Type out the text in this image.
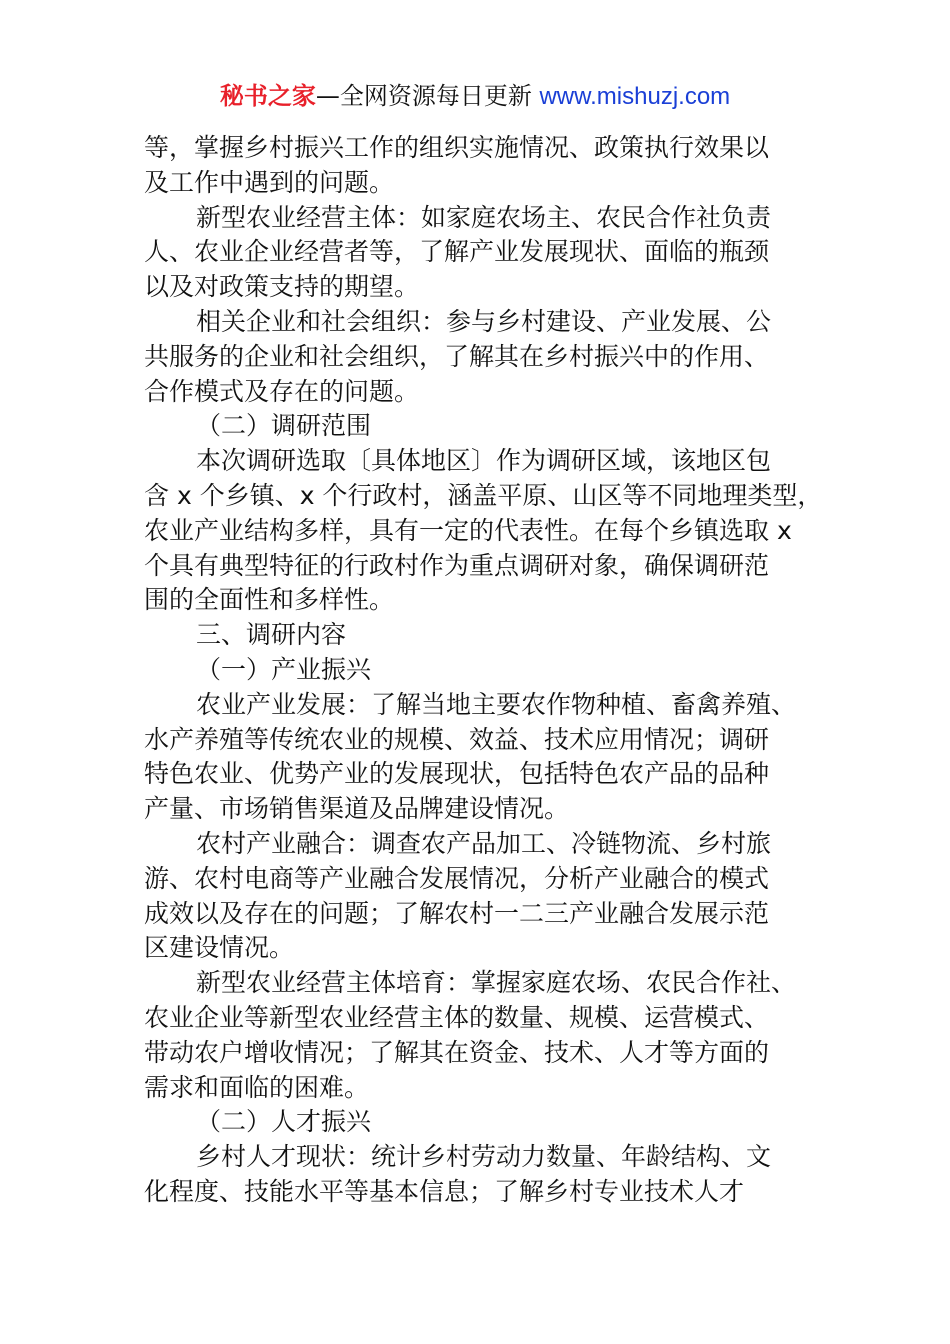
秘书之家—全网资源每日更新 www.mishuzj.com
等，掌握乡村振兴工作的组织实施情况、政策执行效果以
及工作中遇到的问题。
新型农业经营主体：如家庭农场主、农民合作社负责
人、农业企业经营者等，了解产业发展现状、面临的瓶颈
以及对政策支持的期望。
相关企业和社会组织：参与乡村建设、产业发展、公
共服务的企业和社会组织，了解其在乡村振兴中的作用、
合作模式及存在的问题。
（二）调研范围
本次调研选取〔具体地区〕作为调研区域，该地区包
含 x 个乡镇、x 个行政村，涵盖平原、山区等不同地理类型，
农业产业结构多样，具有一定的代表性。在每个乡镇选取 x
个具有典型特征的行政村作为重点调研对象，确保调研范
围的全面性和多样性。
三、调研内容
（一）产业振兴
农业产业发展：了解当地主要农作物种植、畜禽养殖、
水产养殖等传统农业的规模、效益、技术应用情况；调研
特色农业、优势产业的发展现状，包括特色农产品的品种
产量、市场销售渠道及品牌建设情况。
农村产业融合：调查农产品加工、冷链物流、乡村旅
游、农村电商等产业融合发展情况，分析产业融合的模式
成效以及存在的问题；了解农村一二三产业融合发展示范
区建设情况。
新型农业经营主体培育：掌握家庭农场、农民合作社、
农业企业等新型农业经营主体的数量、规模、运营模式、
带动农户增收情况；了解其在资金、技术、人才等方面的
需求和面临的困难。
（二）人才振兴
乡村人才现状：统计乡村劳动力数量、年龄结构、文
化程度、技能水平等基本信息；了解乡村专业技术人才
